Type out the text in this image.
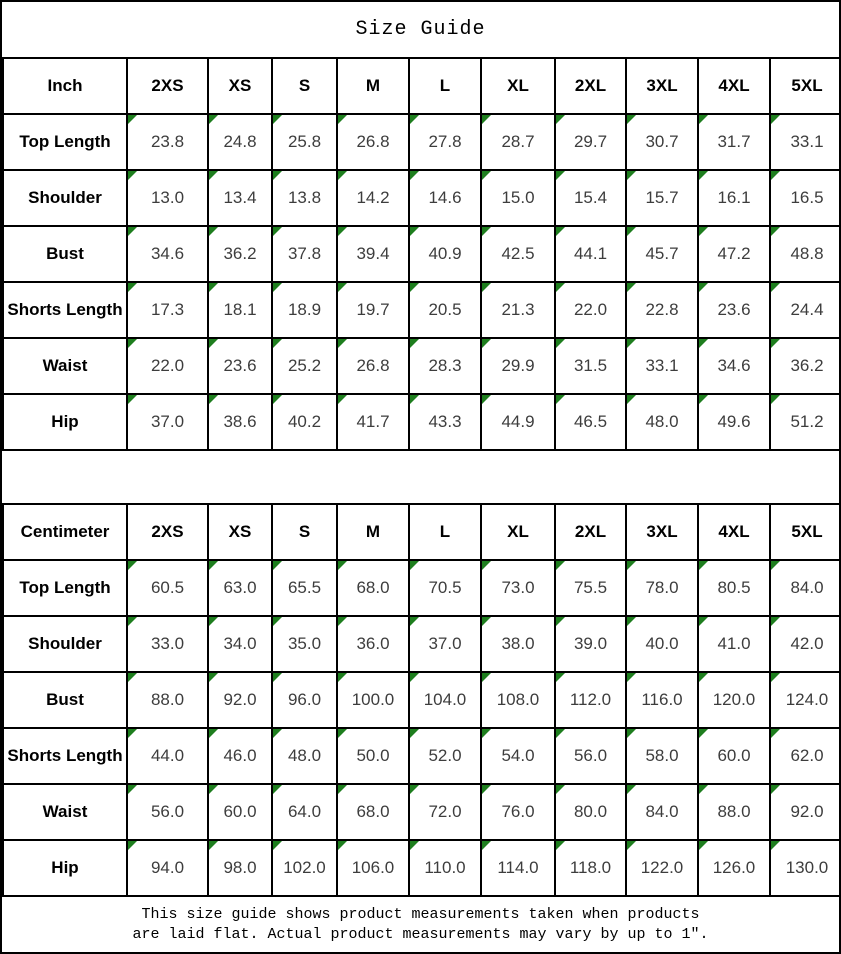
Size Guide
Inch	2XS	XS	S	M	L	XL	2XL	3XL	4XL	5XL
Top Length	23.8	24.8	25.8	26.8	27.8	28.7	29.7	30.7	31.7	33.1
Shoulder	13.0	13.4	13.8	14.2	14.6	15.0	15.4	15.7	16.1	16.5
Bust	34.6	36.2	37.8	39.4	40.9	42.5	44.1	45.7	47.2	48.8
Shorts Length	17.3	18.1	18.9	19.7	20.5	21.3	22.0	22.8	23.6	24.4
Waist	22.0	23.6	25.2	26.8	28.3	29.9	31.5	33.1	34.6	36.2
Hip	37.0	38.6	40.2	41.7	43.3	44.9	46.5	48.0	49.6	51.2
Centimeter	2XS	XS	S	M	L	XL	2XL	3XL	4XL	5XL
Top Length	60.5	63.0	65.5	68.0	70.5	73.0	75.5	78.0	80.5	84.0
Shoulder	33.0	34.0	35.0	36.0	37.0	38.0	39.0	40.0	41.0	42.0
Bust	88.0	92.0	96.0	100.0	104.0	108.0	112.0	116.0	120.0	124.0
Shorts Length	44.0	46.0	48.0	50.0	52.0	54.0	56.0	58.0	60.0	62.0
Waist	56.0	60.0	64.0	68.0	72.0	76.0	80.0	84.0	88.0	92.0
Hip	94.0	98.0	102.0	106.0	110.0	114.0	118.0	122.0	126.0	130.0
This size guide shows product measurements taken when products
are laid flat. Actual product measurements may vary by up to 1″.
